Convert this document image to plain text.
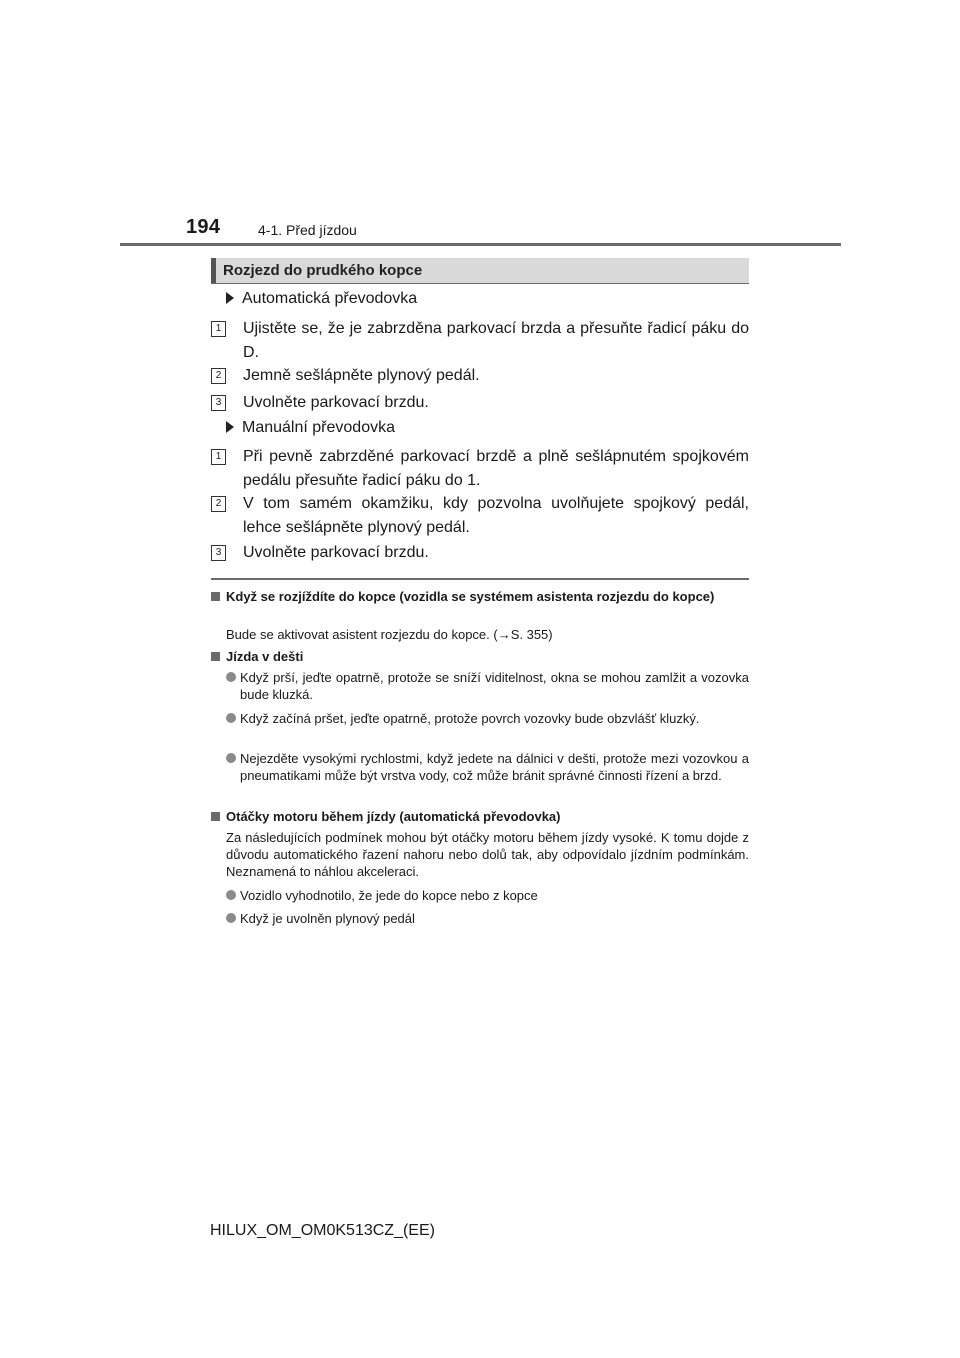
194	4-1. Před jízdou
Rozjezd do prudkého kopce
Automatická převodovka
1 Ujistěte se, že je zabrzděna parkovací brzda a přesuňte řadicí páku do D.
2 Jemně sešlápněte plynový pedál.
3 Uvolněte parkovací brzdu.
Manuální převodovka
1 Při pevně zabrzděné parkovací brzdě a plně sešlápnutém spojkovém pedálu přesuňte řadicí páku do 1.
2 V tom samém okamžiku, kdy pozvolna uvolňujete spojkový pedál, lehce sešlápněte plynový pedál.
3 Uvolněte parkovací brzdu.
Když se rozjíždíte do kopce (vozidla se systémem asistenta rozjezdu do kopce)
Bude se aktivovat asistent rozjezdu do kopce. (→S. 355)
Jízda v dešti
Když prší, jeďte opatrně, protože se sníží viditelnost, okna se mohou zamlžit a vozovka bude kluzká.
Když začíná pršet, jeďte opatrně, protože povrch vozovky bude obzvlášť kluzký.
Nejezděte vysokými rychlostmi, když jedete na dálnici v dešti, protože mezi vozovkou a pneumatikami může být vrstva vody, což může bránit správné činnosti řízení a brzd.
Otáčky motoru během jízdy (automatická převodovka)
Za následujících podmínek mohou být otáčky motoru během jízdy vysoké. K tomu dojde z důvodu automatického řazení nahoru nebo dolů tak, aby odpovídalo jízdním podmínkám. Neznamená to náhlou akceleraci.
Vozidlo vyhodnotilo, že jede do kopce nebo z kopce
Když je uvolněn plynový pedál
HILUX_OM_OM0K513CZ_(EE)
